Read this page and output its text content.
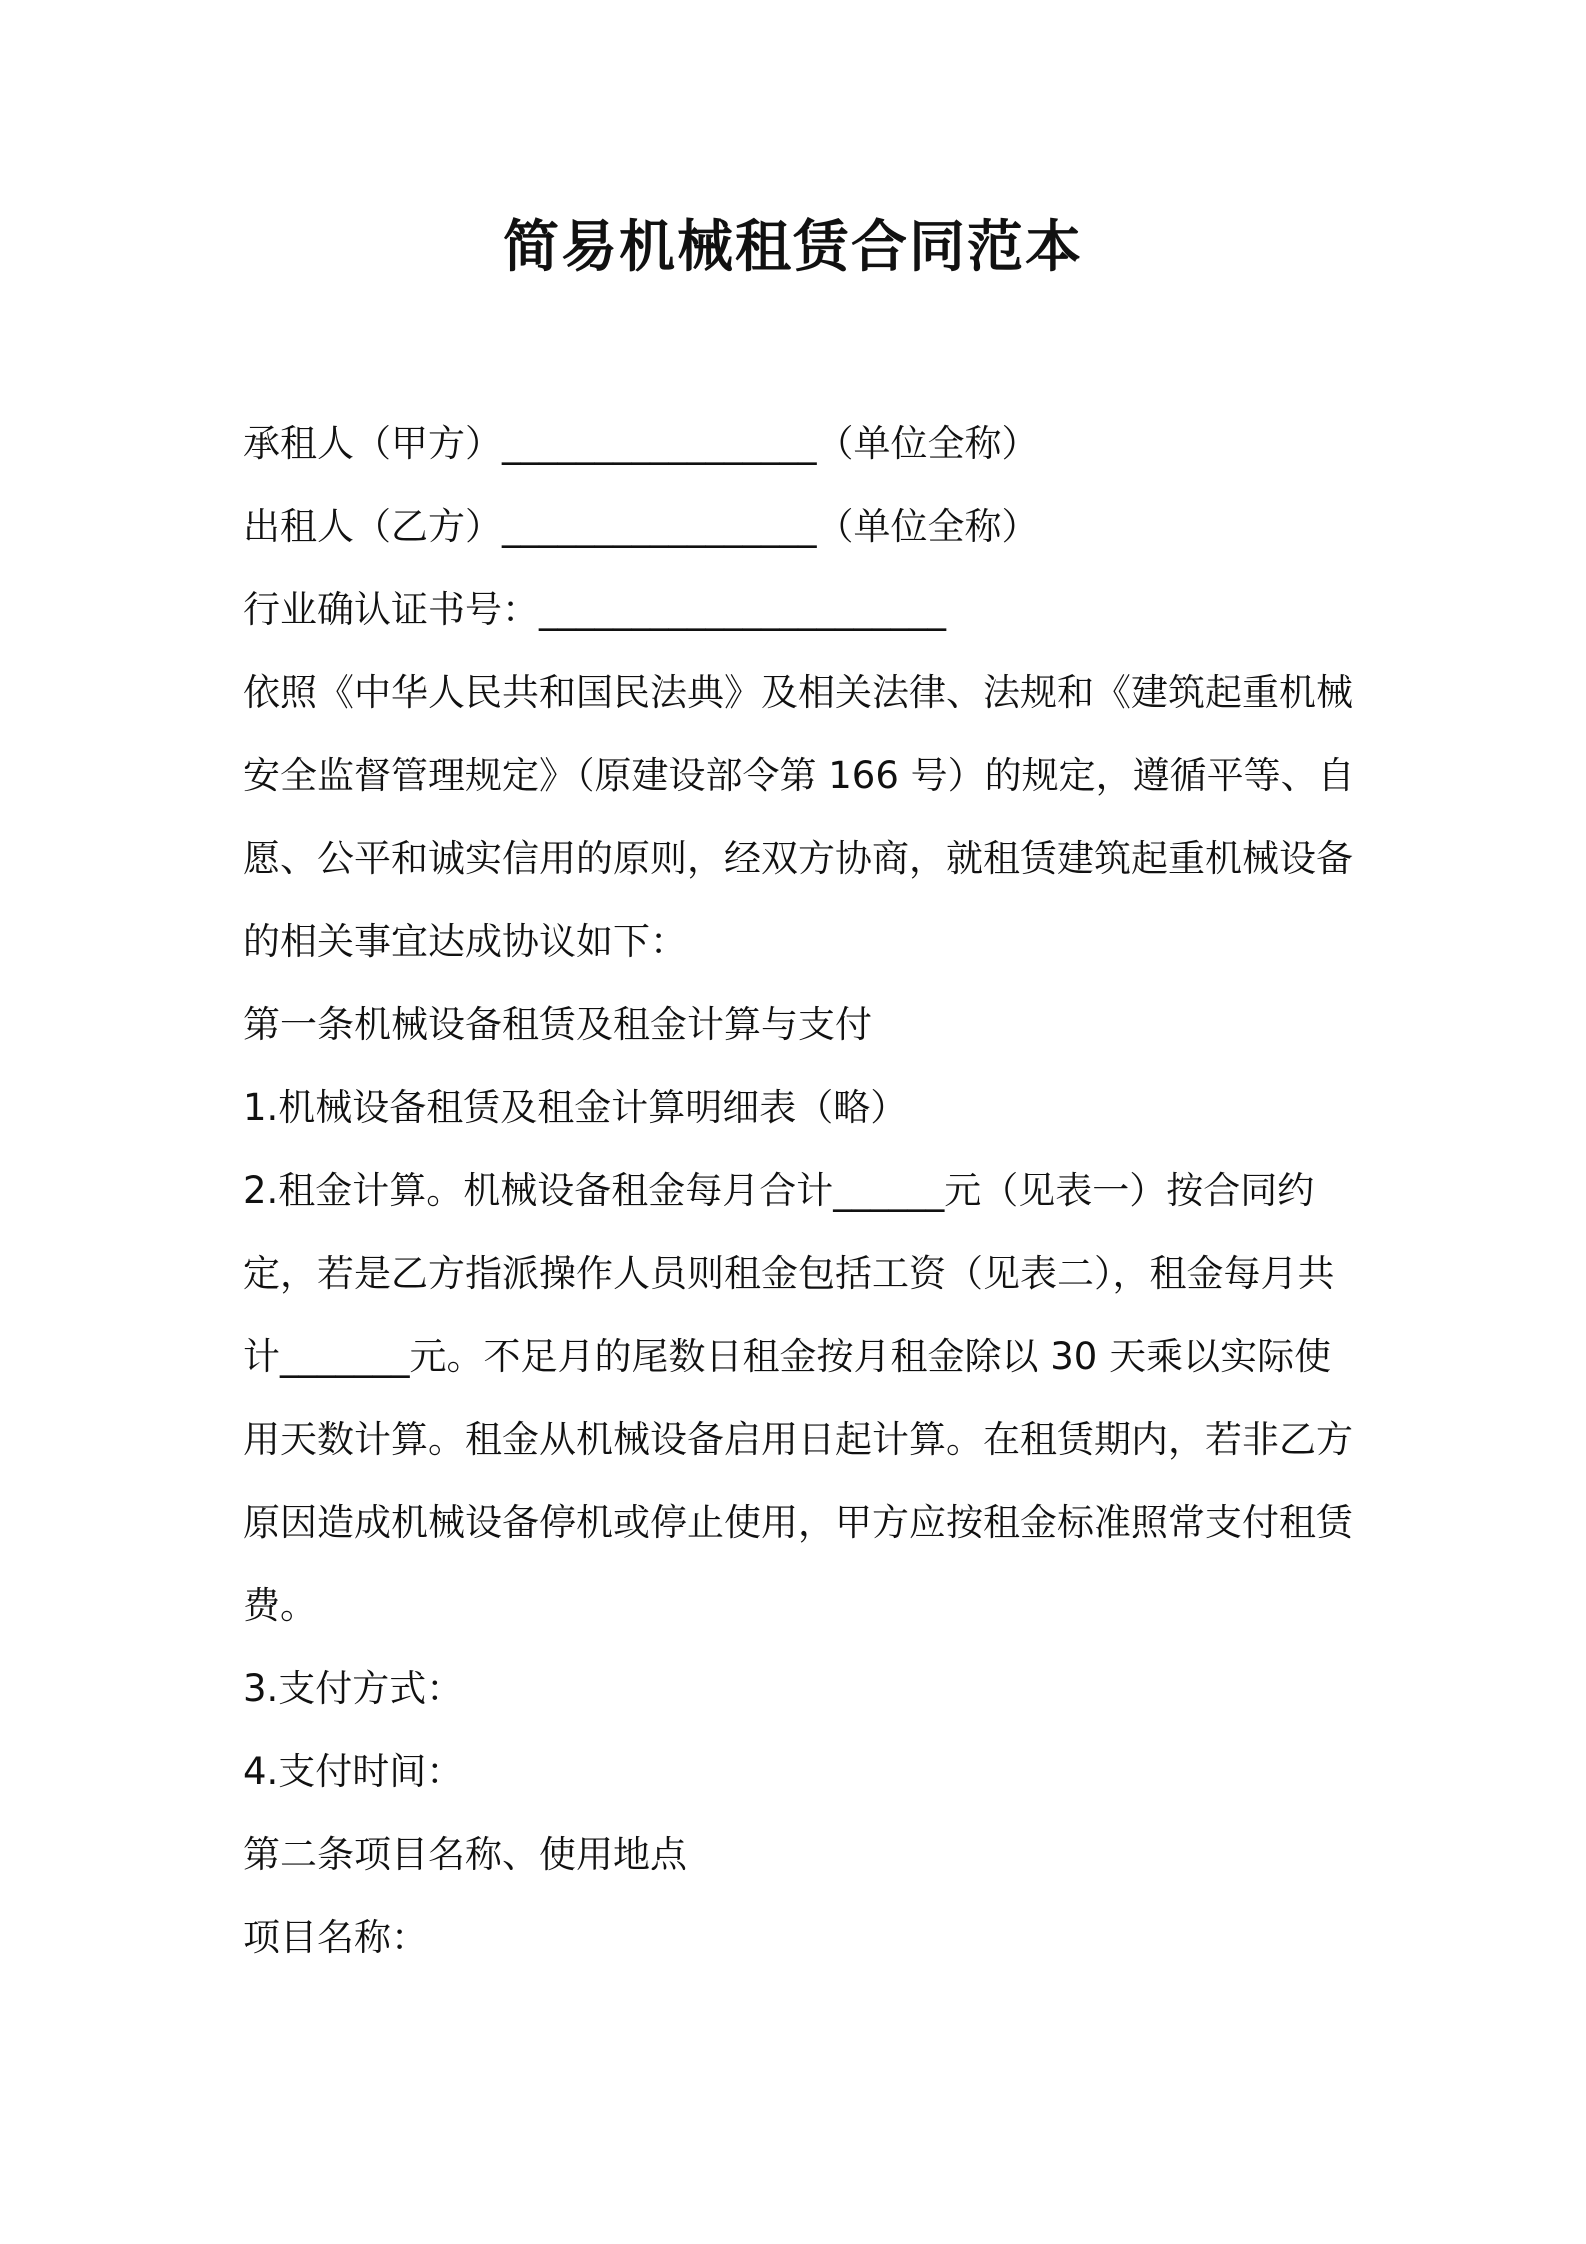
简易机械租赁合同范本
承租人（甲方）_________________（单位全称）
出租人（乙方）_________________（单位全称）
行业确认证书号：______________________
依照《中华人民共和国民法典》及相关法律、法规和《建筑起重机械
安全监督管理规定》（原建设部令第 166 号）的规定，遵循平等、自
愿、公平和诚实信用的原则，经双方协商，就租赁建筑起重机械设备
的相关事宜达成协议如下：
第一条机械设备租赁及租金计算与支付
1.机械设备租赁及租金计算明细表（略）
2.租金计算。机械设备租金每月合计______元（见表一）按合同约
定，若是乙方指派操作人员则租金包括工资（见表二），租金每月共
计_______元。不足月的尾数日租金按月租金除以 30 天乘以实际使
用天数计算。租金从机械设备启用日起计算。在租赁期内，若非乙方
原因造成机械设备停机或停止使用，甲方应按租金标准照常支付租赁
费。
3.支付方式：
4.支付时间：
第二条项目名称、使用地点
项目名称：
